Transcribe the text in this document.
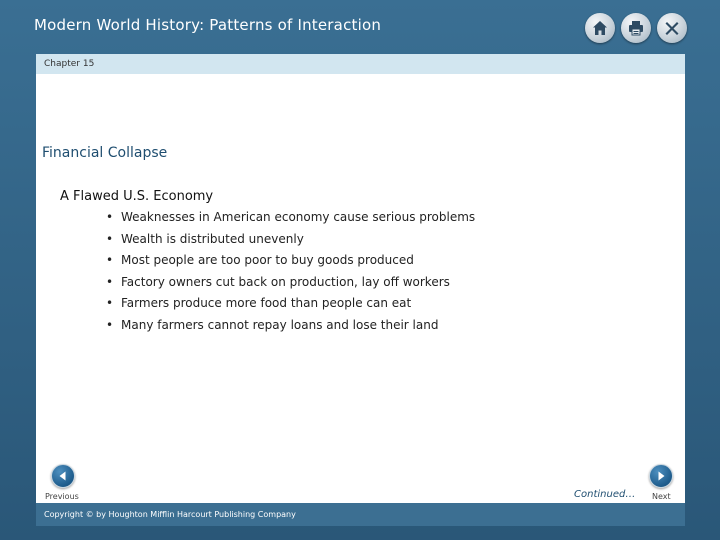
Modern World History: Patterns of Interaction
Chapter 15
Financial Collapse
A Flawed U.S. Economy
• Weaknesses in American economy cause serious problems
• Wealth is distributed unevenly
• Most people are too poor to buy goods produced
• Factory owners cut back on production, lay off workers
• Farmers produce more food than people can eat
• Many farmers cannot repay loans and lose their land
Previous	Continued… Next
Copyright © by Houghton Mifflin Harcourt Publishing Company
